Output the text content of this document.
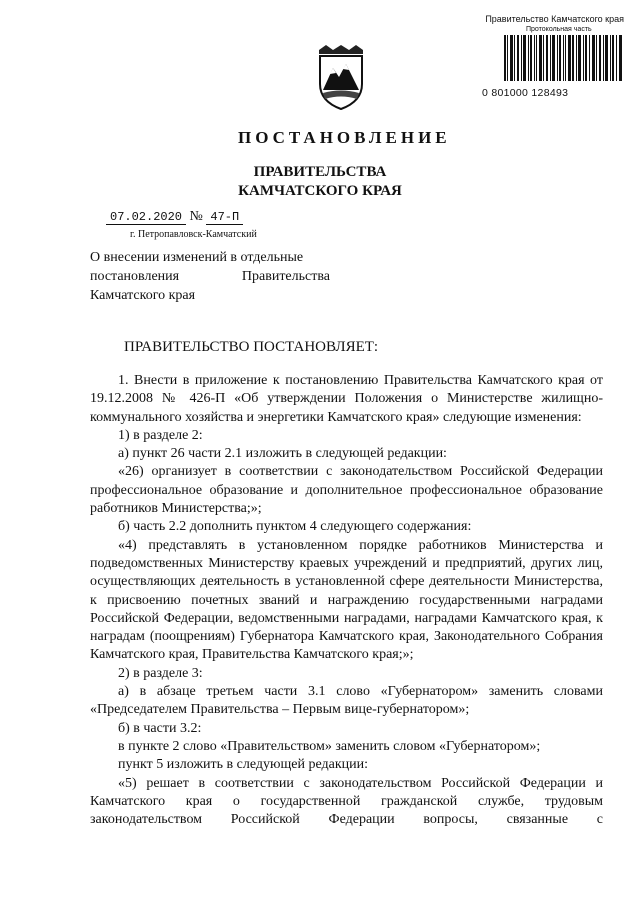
Правительство Камчатского края
Протокольная часть
0 801000 128493
ПОСТАНОВЛЕНИЕ
ПРАВИТЕЛЬСТВА
КАМЧАТСКОГО КРАЯ
07.02.2020 № 47-П
г. Петропавловск-Камчатский
О внесении изменений в отдельные
постановления	Правительства
Камчатского края
ПРАВИТЕЛЬСТВО ПОСТАНОВЛЯЕТ:

1. Внести в приложение к постановлению Правительства Камчатского края от 19.12.2008 № 426-П «Об утверждении Положения о Министерстве жилищно-коммунального хозяйства и энергетики Камчатского края» следующие изменения:

1) в разделе 2:

а) пункт 26 части 2.1 изложить в следующей редакции:

«26) организует в соответствии с законодательством Российской Федерации профессиональное образование и дополнительное профессиональное образование работников Министерства;»;

б) часть 2.2 дополнить пунктом 4 следующего содержания:

«4) представлять в установленном порядке работников Министерства и подведомственных Министерству краевых учреждений и предприятий, других лиц, осуществляющих деятельность в установленной сфере деятельности Министерства, к присвоению почетных званий и награждению государственными наградами Российской Федерации, ведомственными наградами, наградами Камчатского края, к наградам (поощрениям) Губернатора Камчатского края, Законодательного Собрания Камчатского края, Правительства Камчатского края;»;

2) в разделе 3:

а) в абзаце третьем части 3.1 слово «Губернатором» заменить словами «Председателем Правительства – Первым вице-губернатором»;

б) в части 3.2:

в пункте 2 слово «Правительством» заменить словом «Губернатором»;

пункт 5 изложить в следующей редакции:

«5) решает в соответствии с законодательством Российской Федерации и Камчатского края о государственной гражданской службе, трудовым законодательством Российской Федерации вопросы, связанные с
